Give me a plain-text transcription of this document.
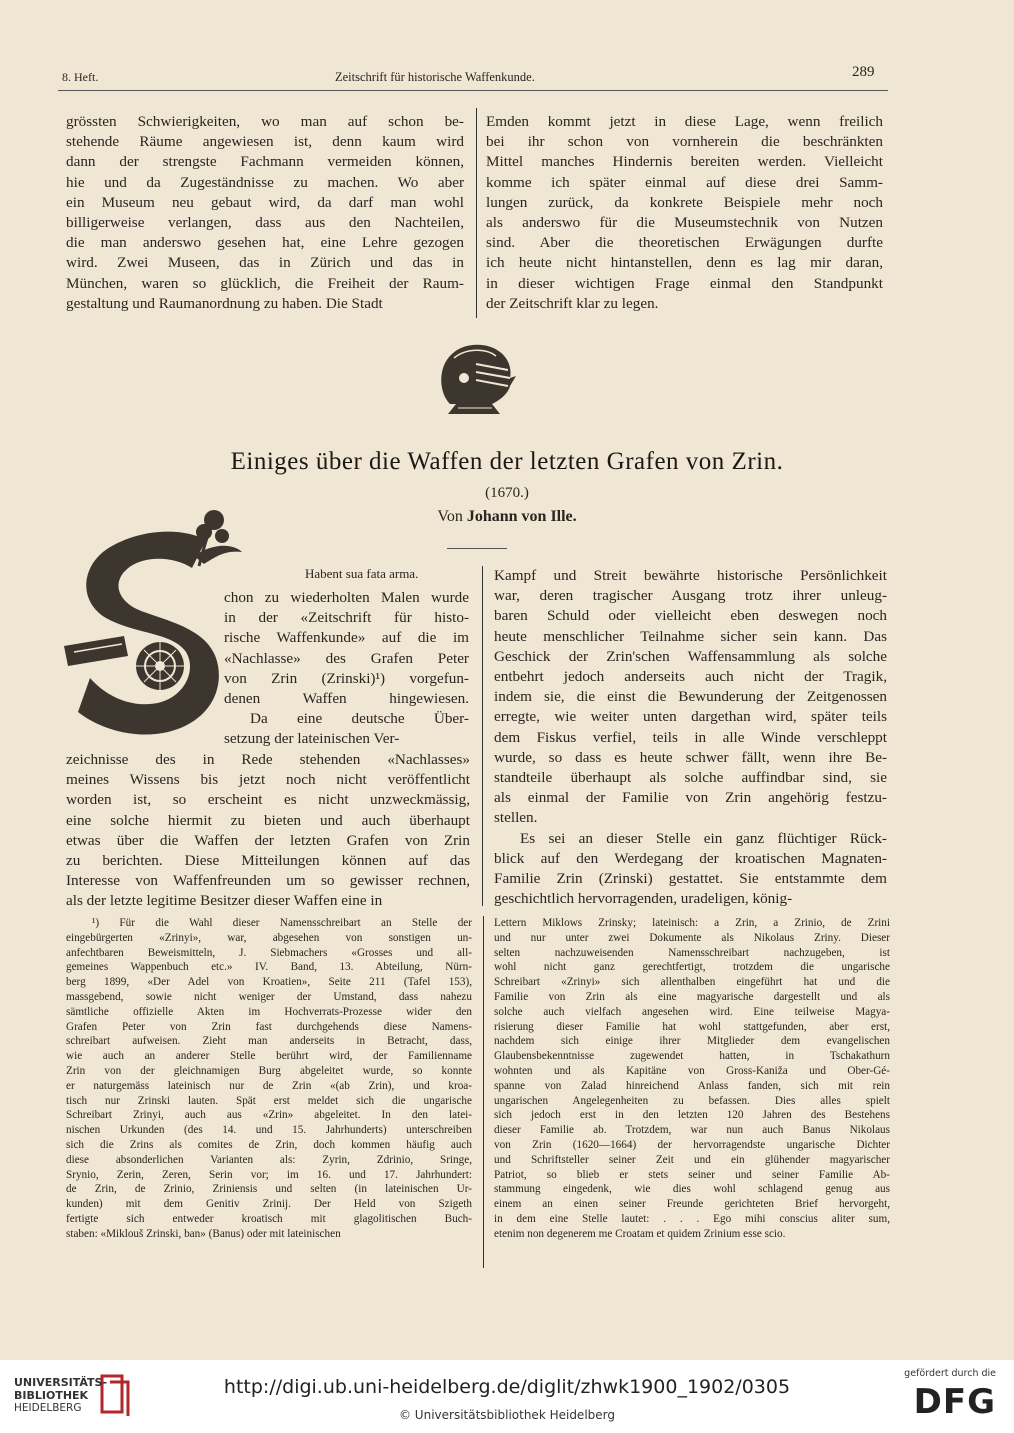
8. Heft.	Zeitschrift für historische Waffenkunde.	289

grössten Schwierigkeiten, wo man auf schon be-

stehende Räume angewiesen ist, denn kaum wird

dann der strengste Fachmann vermeiden können,

hie und da Zugeständnisse zu machen. Wo aber

ein Museum neu gebaut wird, da darf man wohl

billigerweise verlangen, dass aus den Nachteilen,

die man anderswo gesehen hat, eine Lehre gezogen

wird. Zwei Museen, das in Zürich und das in

München, waren so glücklich, die Freiheit der Raum-

gestaltung und Raumanordnung zu haben. Die Stadt

Emden kommt jetzt in diese Lage, wenn freilich

bei ihr schon von vornherein die beschränkten

Mittel manches Hindernis bereiten werden. Vielleicht

komme ich später einmal auf diese drei Samm-

lungen zurück, da konkrete Beispiele mehr noch

als anderswo für die Museumstechnik von Nutzen

sind. Aber die theoretischen Erwägungen durfte

ich heute nicht hintanstellen, denn es lag mir daran,

in dieser wichtigen Frage einmal den Standpunkt

der Zeitschrift klar zu legen.

Einiges über die Waffen der letzten Grafen von Zrin.
(1670.)
Von Johann von Ille.
Habent sua fata arma.

chon zu wiederholten Malen wurde

in der «Zeitschrift für histo-

rische Waffenkunde» auf die im

«Nachlasse» des Grafen Peter

von Zrin (Zrinski)¹) vorgefun-

denen Waffen hingewiesen.

Da eine deutsche Über-

setzung der lateinischen Ver-

zeichnisse des in Rede stehenden «Nachlasses»

meines Wissens bis jetzt noch nicht veröffentlicht

worden ist, so erscheint es nicht unzweckmässig,

eine solche hiermit zu bieten und auch überhaupt

etwas über die Waffen der letzten Grafen von Zrin

zu berichten. Diese Mitteilungen können auf das

Interesse von Waffenfreunden um so gewisser rechnen,

als der letzte legitime Besitzer dieser Waffen eine in

Kampf und Streit bewährte historische Persönlichkeit

war, deren tragischer Ausgang trotz ihrer unleug-

baren Schuld oder vielleicht eben deswegen noch

heute menschlicher Teilnahme sicher sein kann. Das

Geschick der Zrin'schen Waffensammlung als solche

entbehrt jedoch anderseits auch nicht der Tragik,

indem sie, die einst die Bewunderung der Zeitgenossen

erregte, wie weiter unten dargethan wird, später teils

dem Fiskus verfiel, teils in alle Winde verschleppt

wurde, so dass es heute schwer fällt, wenn ihre Be-

standteile überhaupt als solche auffindbar sind, sie

als einmal der Familie von Zrin angehörig festzu-

stellen.

Es sei an dieser Stelle ein ganz flüchtiger Rück-

blick auf den Werdegang der kroatischen Magnaten-

Familie Zrin (Zrinski) gestattet. Sie entstammte dem

geschichtlich hervorragenden, uradeligen, könig-

¹) Für die Wahl dieser Namensschreibart an Stelle der

eingebürgerten «Zrinyi», war, abgesehen von sonstigen un-

anfechtbaren Beweismitteln, J. Siebmachers «Grosses und all-

gemeines Wappenbuch etc.» IV. Band, 13. Abteilung, Nürn-

berg 1899, «Der Adel von Kroatien», Seite 211 (Tafel 153),

massgebend, sowie nicht weniger der Umstand, dass nahezu

sämtliche offizielle Akten im Hochverrats-Prozesse wider den

Grafen Peter von Zrin fast durchgehends diese Namens-

schreibart aufweisen. Zieht man anderseits in Betracht, dass,

wie auch an anderer Stelle berührt wird, der Familienname

Zrin von der gleichnamigen Burg abgeleitet wurde, so konnte

er naturgemäss lateinisch nur de Zrin «(ab Zrin), und kroa-

tisch nur Zrinski lauten. Spät erst meldet sich die ungarische

Schreibart Zrinyi, auch aus «Zrin» abgeleitet. In den latei-

nischen Urkunden (des 14. und 15. Jahrhunderts) unterschreiben

sich die Zrins als comites de Zrin, doch kommen häufig auch

diese absonderlichen Varianten als: Zyrin, Zdrinio, Sringe,

Srynio, Zerin, Zeren, Serin vor; im 16. und 17. Jahrhundert:

de Zrin, de Zrinio, Zriniensis und selten (in lateinischen Ur-

kunden) mit dem Genitiv Zrinij. Der Held von Szigeth

fertigte sich entweder kroatisch mit glagolitischen Buch-

staben: «Miklouš Zrinski, ban» (Banus) oder mit lateinischen

Lettern Miklows Zrinsky; lateinisch: a Zrin, a Zrinio, de Zrini

und nur unter zwei Dokumente als Nikolaus Zriny. Dieser

selten nachzuweisenden Namensschreibart nachzugeben, ist

wohl nicht ganz gerechtfertigt, trotzdem die ungarische

Schreibart «Zrinyi» sich allenthalben eingeführt hat und die

Familie von Zrin als eine magyarische dargestellt und als

solche auch vielfach angesehen wird. Eine teilweise Magya-

risierung dieser Familie hat wohl stattgefunden, aber erst,

nachdem sich einige ihrer Mitglieder dem evangelischen

Glaubensbekenntnisse zugewendet hatten, in Tschakathurn

wohnten und als Kapitäne von Gross-Kaniža und Ober-Gé-

spanne von Zalad hinreichend Anlass fanden, sich mit rein

ungarischen Angelegenheiten zu befassen. Dies alles spielt

sich jedoch erst in den letzten 120 Jahren des Bestehens

dieser Familie ab. Trotzdem, war nun auch Banus Nikolaus

von Zrin (1620—1664) der hervorragendste ungarische Dichter

und Schriftsteller seiner Zeit und ein glühender magyarischer

Patriot, so blieb er stets seiner und seiner Familie Ab-

stammung eingedenk, wie dies wohl schlagend genug aus

einem an einen seiner Freunde gerichteten Brief hervorgeht,

in dem eine Stelle lautet: . . . Ego mihi conscius aliter sum,

etenim non degenerem me Croatam et quidem Zrinium esse scio.

UNIVERSITÄTS-
BIBLIOTHEK
HEIDELBERG
http://digi.ub.uni-heidelberg.de/diglit/zhwk1900_1902/0305
© Universitätsbibliothek Heidelberg
gefördert durch die
DFG
